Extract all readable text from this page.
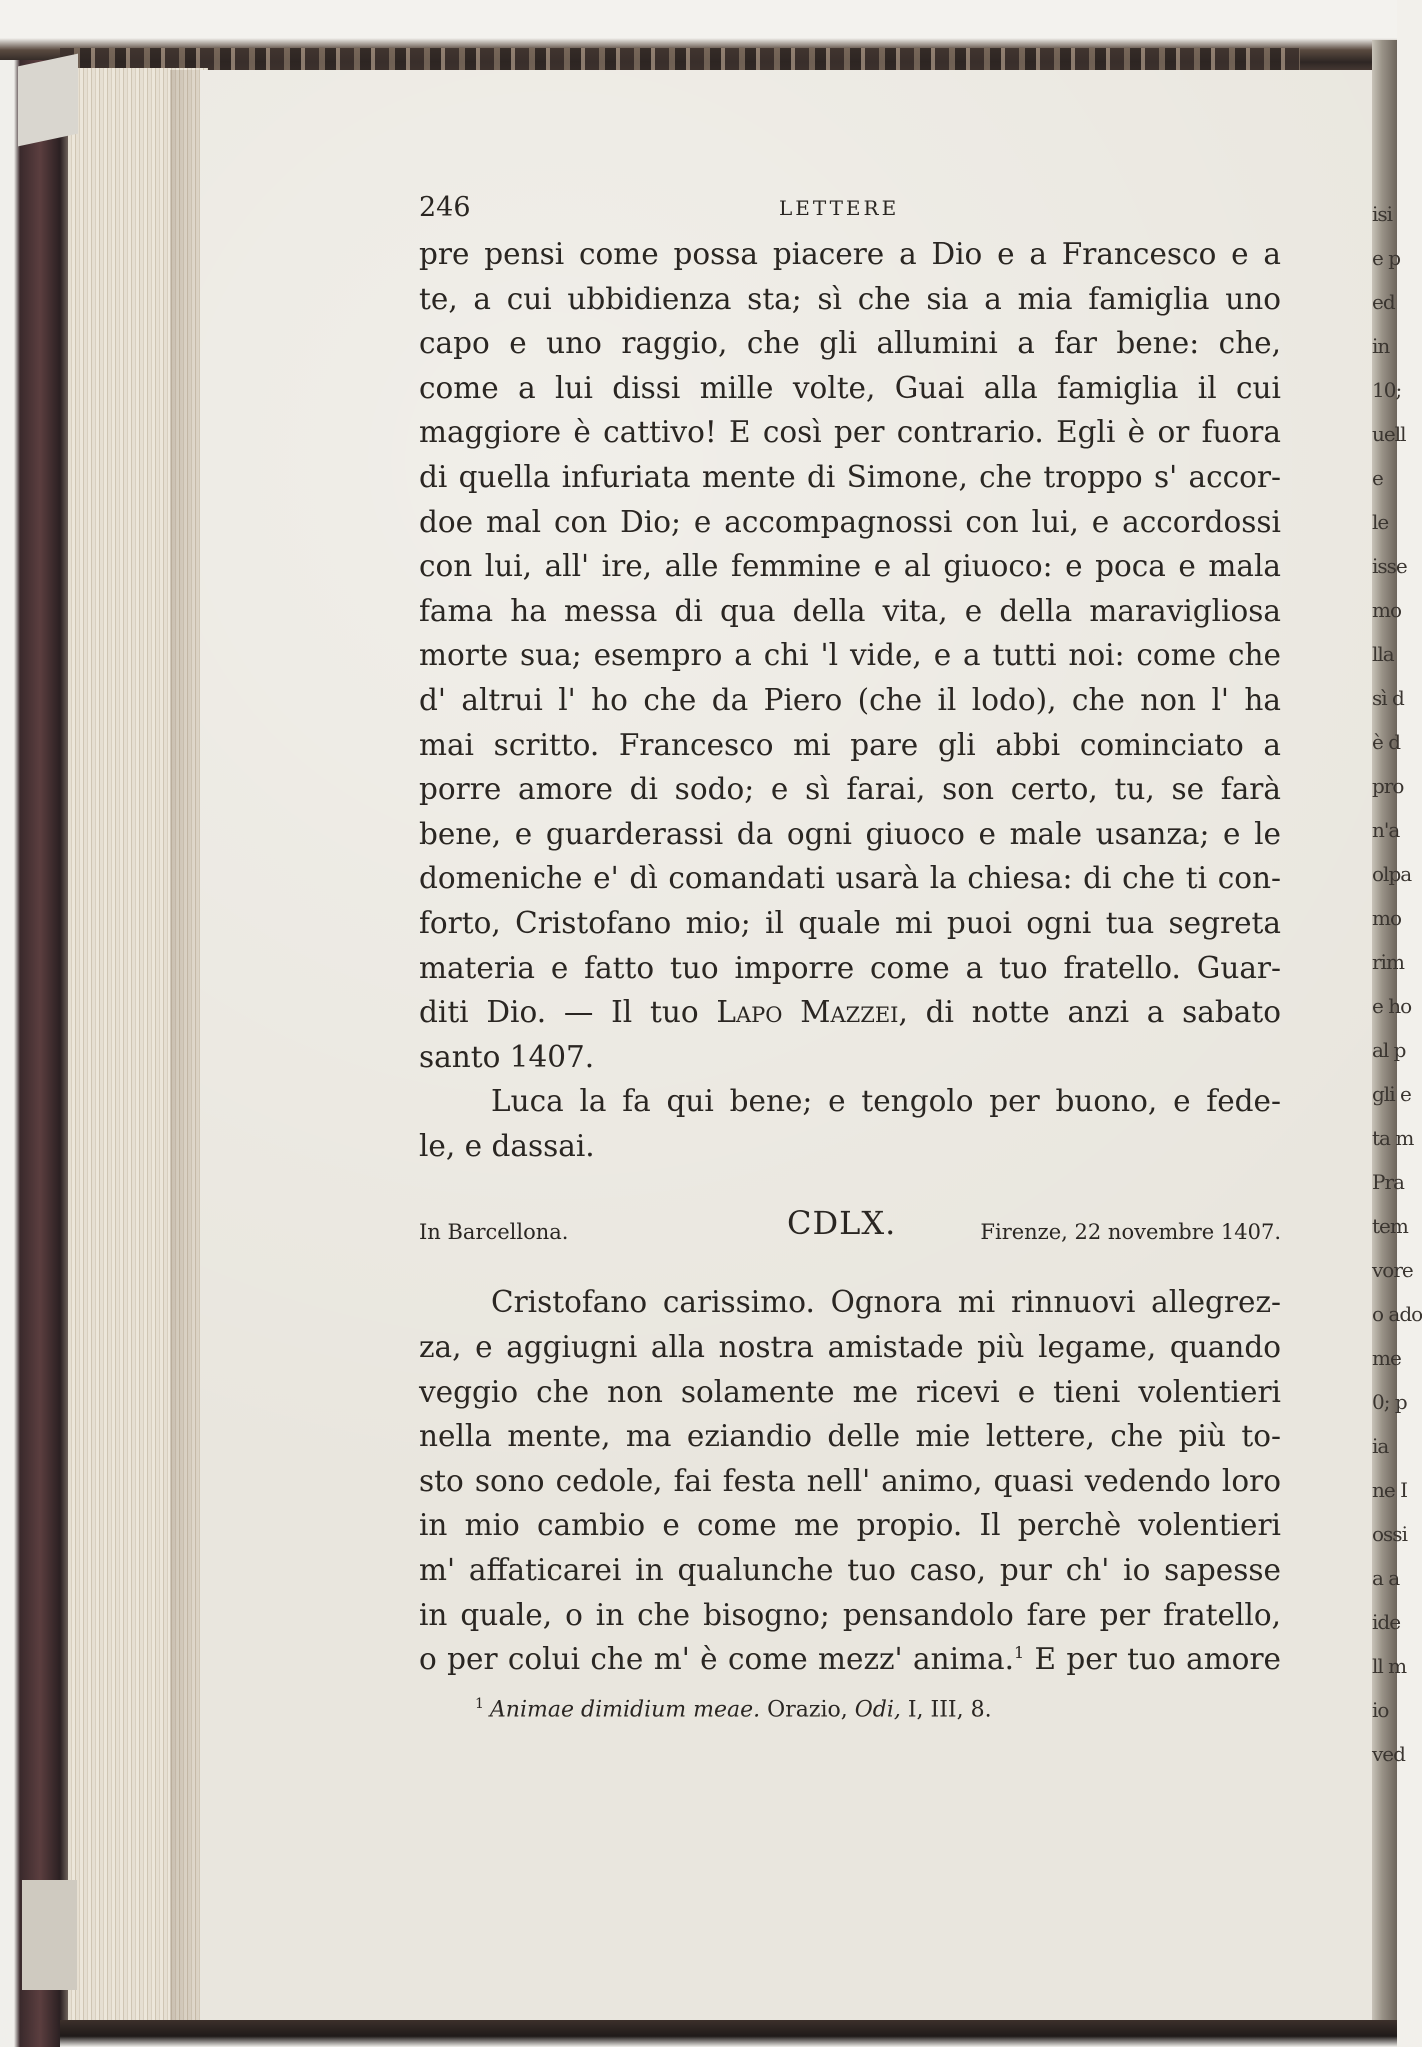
isi
e p
ed
in
10;
uell
e
le
isse
mo
lla
sì d
è d
pro
n'a
olpa
mo
rim
e ho
al p
gli e
ta m
Pra
tem
vore
o ado
me
0; p
ia
ne I
ossi
a a
ide
ll m
io
ved
246	LETTERE
pre pensi come possa piacere a Dio e a Francesco e a
te, a cui ubbidienza sta; sì che sia a mia famiglia uno
capo e uno raggio, che gli allumini a far bene: che,
come a lui dissi mille volte, Guai alla famiglia il cui
maggiore è cattivo! E così per contrario. Egli è or fuora
di quella infuriata mente di Simone, che troppo s' accor-
doe mal con Dio; e accompagnossi con lui, e accordossi
con lui, all' ire, alle femmine e al giuoco: e poca e mala
fama ha messa di qua della vita, e della maravigliosa
morte sua; esempro a chi 'l vide, e a tutti noi: come che
d' altrui l' ho che da Piero (che il lodo), che non l' ha
mai scritto. Francesco mi pare gli abbi cominciato a
porre amore di sodo; e sì farai, son certo, tu, se farà
bene, e guarderassi da ogni giuoco e male usanza; e le
domeniche e' dì comandati usarà la chiesa: di che ti con-
forto, Cristofano mio; il quale mi puoi ogni tua segreta
materia e fatto tuo imporre come a tuo fratello. Guar-
diti Dio. — Il tuo Lapo Mazzei, di notte anzi a sabato
santo 1407.
Luca la fa qui bene; e tengolo per buono, e fede-
le, e dassai.
In Barcellona.	CDLX.	Firenze, 22 novembre 1407.
Cristofano carissimo. Ognora mi rinnuovi allegrez-
za, e aggiugni alla nostra amistade più legame, quando
veggio che non solamente me ricevi e tieni volentieri
nella mente, ma eziandio delle mie lettere, che più to-
sto sono cedole, fai festa nell' animo, quasi vedendo loro
in mio cambio e come me propio. Il perchè volentieri
m' affaticarei in qualunche tuo caso, pur ch' io sapesse
in quale, o in che bisogno; pensandolo fare per fratello,
o per colui che m' è come mezz' anima.$^1$ E per tuo amore
$^1$ Animae dimidium meae. Orazio, Odi, I, III, 8.
